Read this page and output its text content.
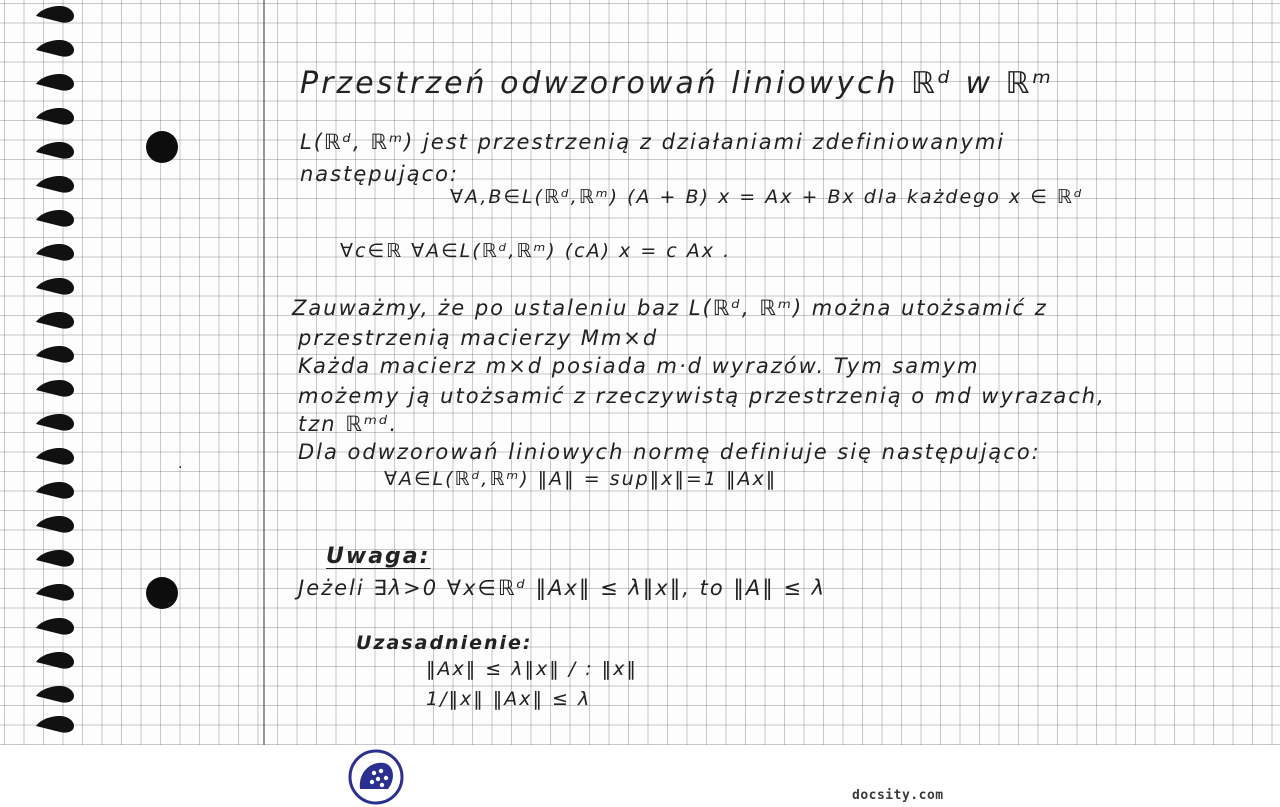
·
Przestrzeń odwzorowań liniowych ℝᵈ w ℝᵐ
L(ℝᵈ, ℝᵐ) jest przestrzenią z działaniami zdefiniowanymi
następująco:
∀A,B∈L(ℝᵈ,ℝᵐ) (A + B) x = Ax + Bx dla każdego x ∈ ℝᵈ
∀c∈ℝ ∀A∈L(ℝᵈ,ℝᵐ) (cA) x = c Ax .
Zauważmy, że po ustaleniu baz L(ℝᵈ, ℝᵐ) można utożsamić z
przestrzenią macierzy Mm×d
Każda macierz m×d posiada m·d wyrazów. Tym samym
możemy ją utożsamić z rzeczywistą przestrzenią o md wyrazach,
tzn ℝᵐᵈ.
Dla odwzorowań liniowych normę definiuje się następująco:
∀A∈L(ℝᵈ,ℝᵐ) ‖A‖ = sup‖x‖=1 ‖Ax‖
Uwaga:
Jeżeli ∃λ>0 ∀x∈ℝᵈ ‖Ax‖ ≤ λ‖x‖, to ‖A‖ ≤ λ
Uzasadnienie:
‖Ax‖ ≤ λ‖x‖ / : ‖x‖
1/‖x‖ ‖Ax‖ ≤ λ
docsity.com
